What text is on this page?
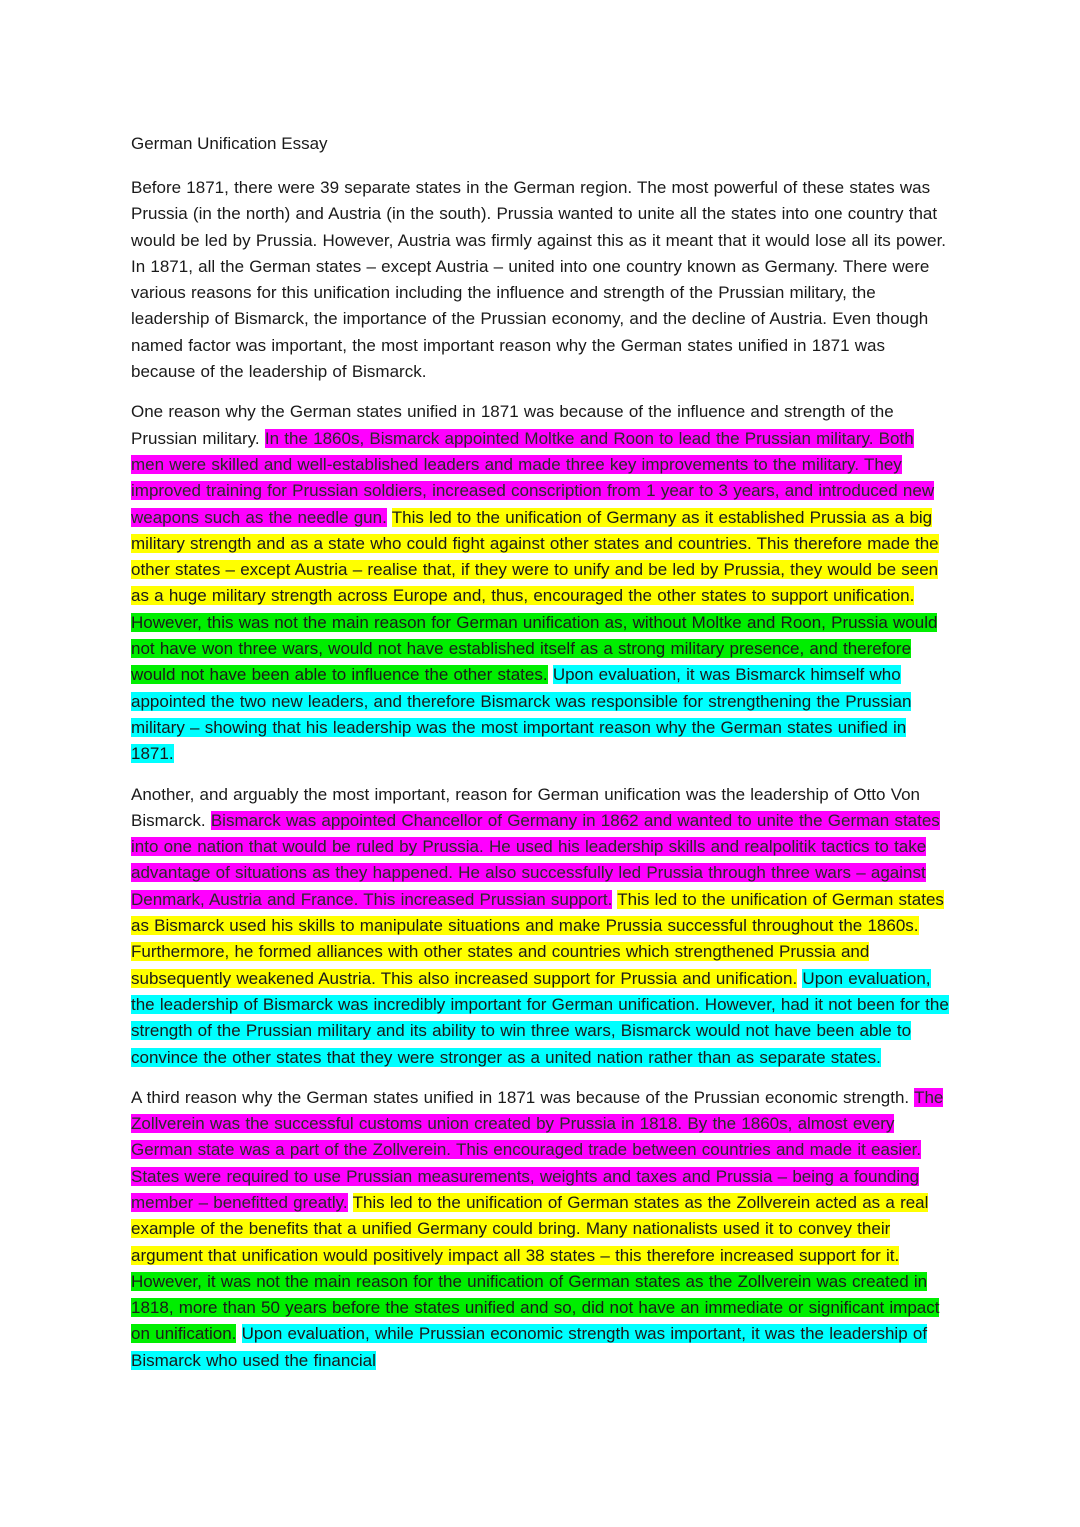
German Unification Essay

Before 1871, there were 39 separate states in the German region. The most powerful of these states was Prussia (in the north) and Austria (in the south). Prussia wanted to unite all the states into one country that would be led by Prussia. However, Austria was firmly against this as it meant that it would lose all its power. In 1871, all the German states – except Austria – united into one country known as Germany. There were various reasons for this unification including the influence and strength of the Prussian military, the leadership of Bismarck, the importance of the Prussian economy, and the decline of Austria. Even though named factor was important, the most important reason why the German states unified in 1871 was because of the leadership of Bismarck.

One reason why the German states unified in 1871 was because of the influence and strength of the Prussian military. In the 1860s, Bismarck appointed Moltke and Roon to lead the Prussian military. Both men were skilled and well-established leaders and made three key improvements to the military. They improved training for Prussian soldiers, increased conscription from 1 year to 3 years, and introduced new weapons such as the needle gun. This led to the unification of Germany as it established Prussia as a big military strength and as a state who could fight against other states and countries. This therefore made the other states – except Austria – realise that, if they were to unify and be led by Prussia, they would be seen as a huge military strength across Europe and, thus, encouraged the other states to support unification. However, this was not the main reason for German unification as, without Moltke and Roon, Prussia would not have won three wars, would not have established itself as a strong military presence, and therefore would not have been able to influence the other states. Upon evaluation, it was Bismarck himself who appointed the two new leaders, and therefore Bismarck was responsible for strengthening the Prussian military – showing that his leadership was the most important reason why the German states unified in 1871.

Another, and arguably the most important, reason for German unification was the leadership of Otto Von Bismarck. Bismarck was appointed Chancellor of Germany in 1862 and wanted to unite the German states into one nation that would be ruled by Prussia. He used his leadership skills and realpolitik tactics to take advantage of situations as they happened. He also successfully led Prussia through three wars – against Denmark, Austria and France. This increased Prussian support. This led to the unification of German states as Bismarck used his skills to manipulate situations and make Prussia successful throughout the 1860s. Furthermore, he formed alliances with other states and countries which strengthened Prussia and subsequently weakened Austria. This also increased support for Prussia and unification. Upon evaluation, the leadership of Bismarck was incredibly important for German unification. However, had it not been for the strength of the Prussian military and its ability to win three wars, Bismarck would not have been able to convince the other states that they were stronger as a united nation rather than as separate states.

A third reason why the German states unified in 1871 was because of the Prussian economic strength. The Zollverein was the successful customs union created by Prussia in 1818. By the 1860s, almost every German state was a part of the Zollverein. This encouraged trade between countries and made it easier. States were required to use Prussian measurements, weights and taxes and Prussia – being a founding member – benefitted greatly. This led to the unification of German states as the Zollverein acted as a real example of the benefits that a unified Germany could bring. Many nationalists used it to convey their argument that unification would positively impact all 38 states – this therefore increased support for it. However, it was not the main reason for the unification of German states as the Zollverein was created in 1818, more than 50 years before the states unified and so, did not have an immediate or significant impact on unification. Upon evaluation, while Prussian economic strength was important, it was the leadership of Bismarck who used the financial
